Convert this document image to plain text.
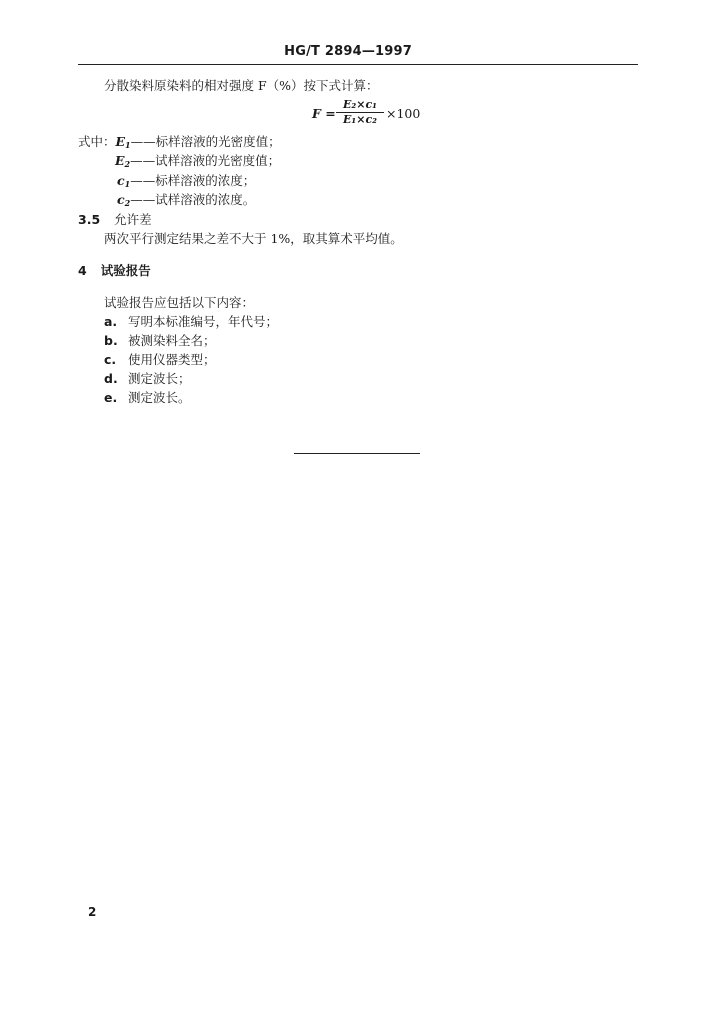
HG/T 2894—1997
分散染料原染料的相对强度 F（%）按下式计算：
F =
E₂×c₁
E₁×c₂ ×100
式中：$E_1——$标样溶液的光密度值；
$E_2——$试样溶液的光密度值；
$c_1——$标样溶液的浓度；
$c_2——$试样溶液的浓度。
3.5 允许差
两次平行测定结果之差不大于 1%，取其算术平均值。
4 试验报告
试验报告应包括以下内容：
a. 写明本标准编号，年代号；
b. 被测染料全名；
c. 使用仪器类型；
d. 测定波长；
e. 测定波长。
2
